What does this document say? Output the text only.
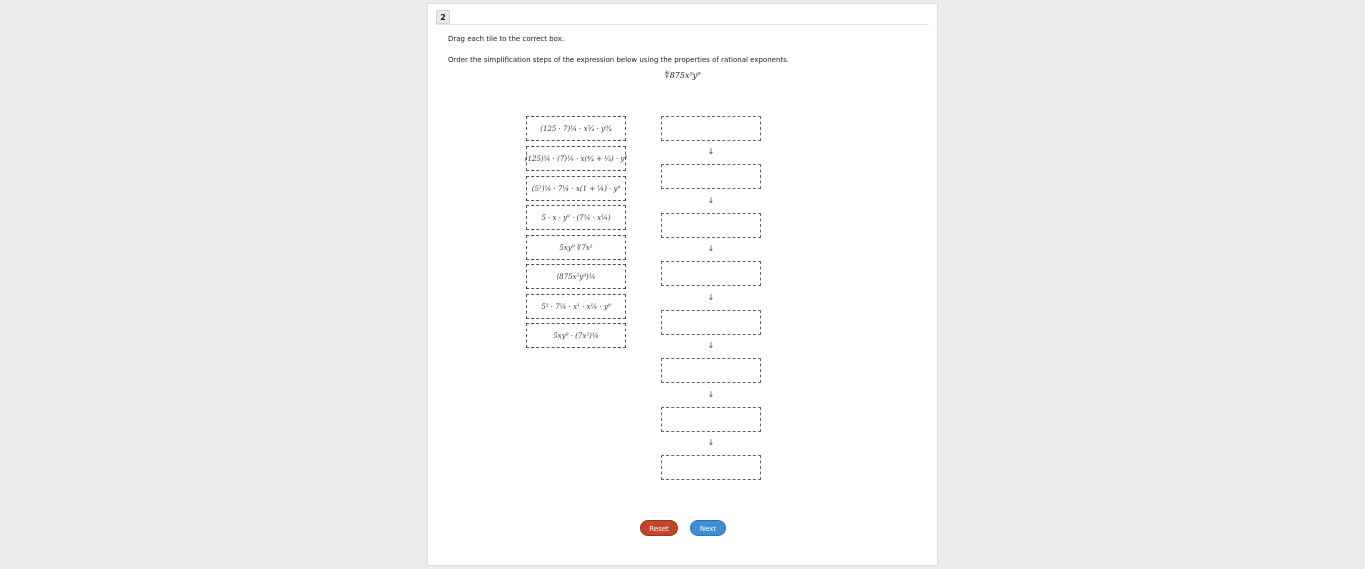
2
Drag each tile to the correct box.
Order the simplification steps of the expression below using the properties of rational exponents.
∜875x⁵y⁹
(125 · 7)¼ · x⁵⁄₄ · y⁹⁄₄
(125)¼ · (7)¼ · x(⁴⁄₄ + ¹⁄₄) · y⁹
(5³)¼ · 7¼ · x(1 + ¼) · y⁹
5 · x · y⁹ · (7¼ · x¼)
5xy⁹ ∜7x²
(875x⁵y⁹)¼
5¹ · 7¼ · x¹ · x¼ · y⁹
5xy⁹ · (7x²)¼
↓
↓
↓
↓
↓
↓
↓
Reset	Next
